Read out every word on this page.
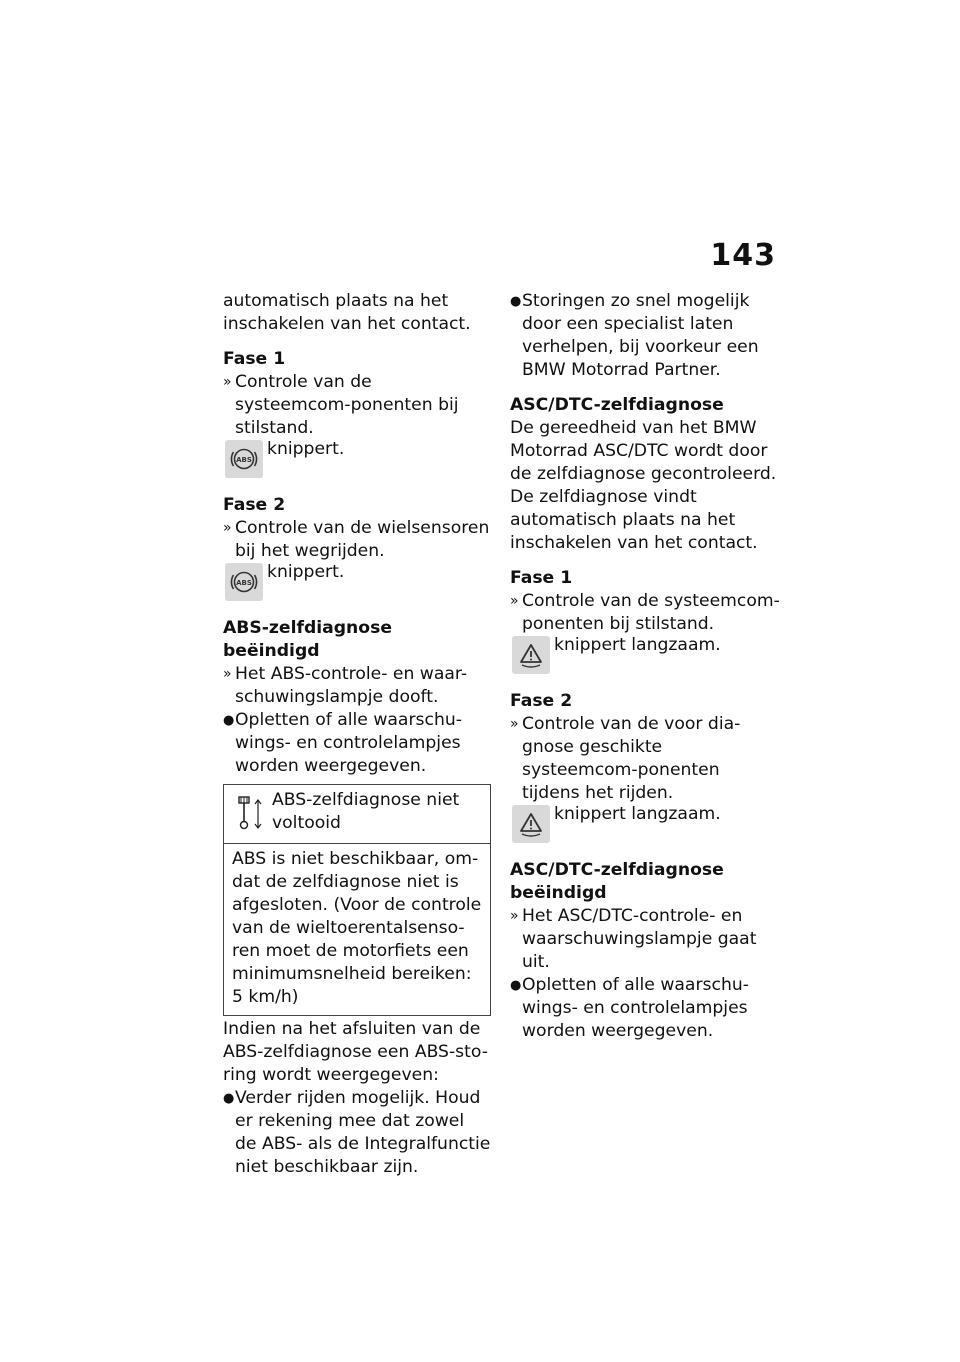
143

automatisch plaats na het inschakelen van het contact.

Fase 1

» Controle van de systeemcom-ponenten bij stilstand.
ABS
knippert.

Fase 2

» Controle van de wielsensoren bij het wegrijden.
ABS
knippert.

ABS-zelfdiagnose beëindigd

» Het ABS-controle- en waar-schuwingslampje dooft.
● Opletten of alle waarschu-wings- en controlelampjes worden weergegeven.
ABS-zelfdiagnose niet voltooid
ABS is niet beschikbaar, om-dat de zelfdiagnose niet is afgesloten. (Voor de controle van de wieltoerentalsenso-ren moet de motorfiets een minimumsnelheid bereiken: 5 km/h)

Indien na het afsluiten van de ABS-zelfdiagnose een ABS-sto-ring wordt weergegeven:

● Verder rijden mogelijk. Houd er rekening mee dat zowel de ABS- als de Integralfunctie niet beschikbaar zijn.
● Storingen zo snel mogelijk door een specialist laten verhelpen, bij voorkeur een BMW Motorrad Partner.

ASC/DTC-zelfdiagnose

De gereedheid van het BMW Motorrad ASC/DTC wordt door de zelfdiagnose gecontroleerd. De zelfdiagnose vindt automatisch plaats na het inschakelen van het contact.

Fase 1

» Controle van de systeemcom-ponenten bij stilstand.
knippert langzaam.

Fase 2

» Controle van de voor dia-gnose geschikte systeemcom-ponenten tijdens het rijden.
knippert langzaam.

ASC/DTC-zelfdiagnose beëindigd

» Het ASC/DTC-controle- en waarschuwingslampje gaat uit.
● Opletten of alle waarschu-wings- en controlelampjes worden weergegeven.
